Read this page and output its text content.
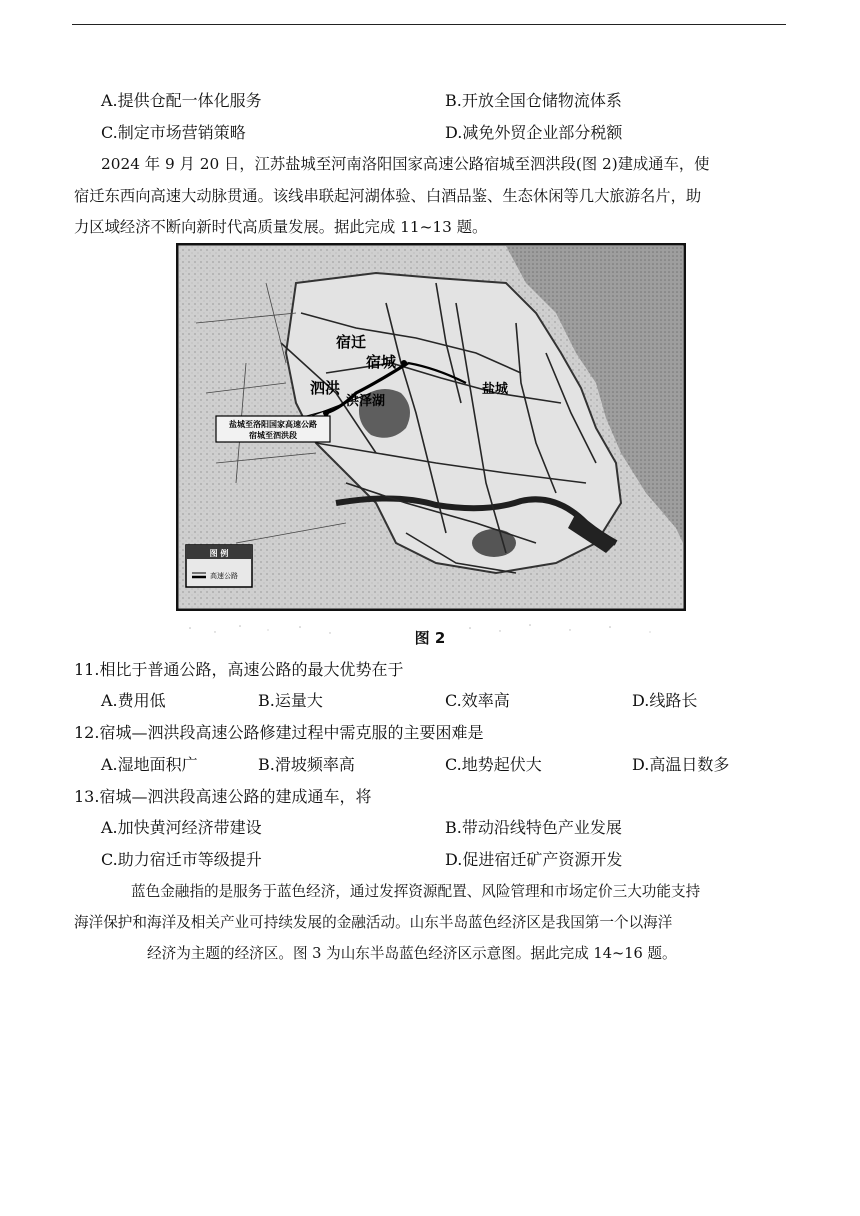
A.提供仓配一体化服务	B.开放全国仓储物流体系
C.制定市场营销策略	D.减免外贸企业部分税额
2024 年 9 月 20 日，江苏盐城至河南洛阳国家高速公路宿城至泗洪段(图 2)建成通车，使
宿迁东西向高速大动脉贯通。该线串联起河湖体验、白酒品鉴、生态休闲等几大旅游名片，助
力区域经济不断向新时代高质量发展。据此完成 11~13 题。
宿迁
宿城
泗洪
洪泽湖
盐城
盐城至洛阳国家高速公路
宿城至泗洪段
图 例
高速公路
图 2
11.相比于普通公路，高速公路的最大优势在于
A.费用低	B.运量大	C.效率高	D.线路长
12.宿城—泗洪段高速公路修建过程中需克服的主要困难是
A.湿地面积广	B.滑坡频率高	C.地势起伏大	D.高温日数多
13.宿城—泗洪段高速公路的建成通车，将
A.加快黄河经济带建设	B.带动沿线特色产业发展
C.助力宿迁市等级提升	D.促进宿迁矿产资源开发
蓝色金融指的是服务于蓝色经济，通过发挥资源配置、风险管理和市场定价三大功能支持
海洋保护和海洋及相关产业可持续发展的金融活动。山东半岛蓝色经济区是我国第一个以海洋
经济为主题的经济区。图 3 为山东半岛蓝色经济区示意图。据此完成 14~16 题。
